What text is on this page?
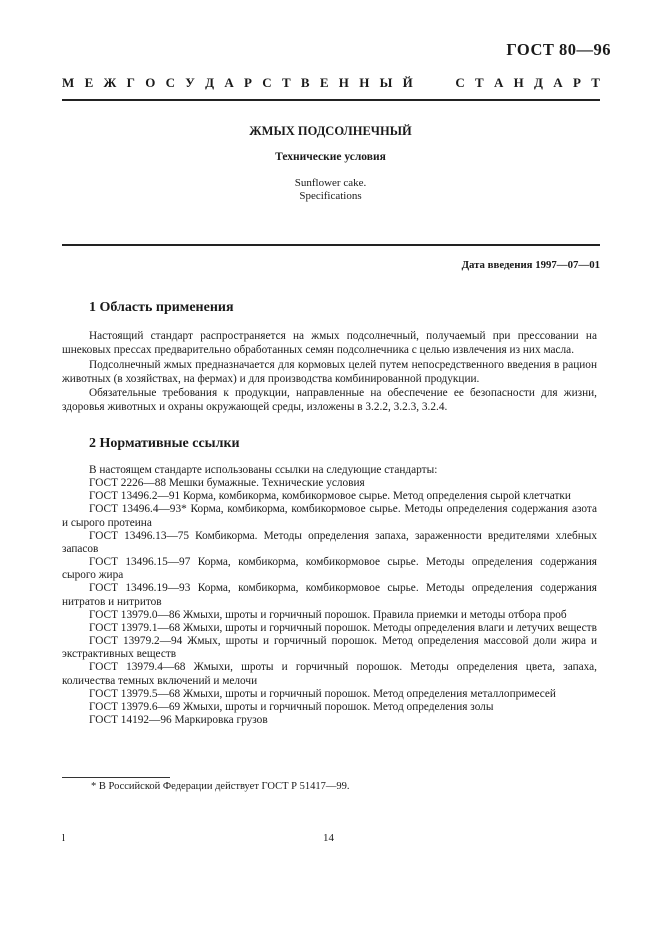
ГОСТ 80—96
М Е Ж Г О С У Д А Р С Т В Е Н Н Ы Й	С Т А Н Д А Р Т
ЖМЫХ ПОДСОЛНЕЧНЫЙ
Технические условия
Sunflower cake.
Specifications
Дата введения 1997—07—01
1 Область применения

Настоящий стандарт распространяется на жмых подсолнечный, получаемый при прессовании на шнековых прессах предварительно обработанных семян подсолнечника с целью извлечения из них масла.

Подсолнечный жмых предназначается для кормовых целей путем непосредственного введения в рацион животных (в хозяйствах, на фермах) и для производства комбинированной продукции.

Обязательные требования к продукции, направленные на обеспечение ее безопасности для жизни, здоровья животных и охраны окружающей среды, изложены в 3.2.2, 3.2.3, 3.2.4.

2 Нормативные ссылки

В настоящем стандарте использованы ссылки на следующие стандарты:

ГОСТ 2226—88 Мешки бумажные. Технические условия

ГОСТ 13496.2—91 Корма, комбикорма, комбикормовое сырье. Метод определения сырой клетчатки

ГОСТ 13496.4—93* Корма, комбикорма, комбикормовое сырье. Методы определения содержания азота и сырого протеина

ГОСТ 13496.13—75 Комбикорма. Методы определения запаха, зараженности вредителями хлебных запасов

ГОСТ 13496.15—97 Корма, комбикорма, комбикормовое сырье. Методы определения содержания сырого жира

ГОСТ 13496.19—93 Корма, комбикорма, комбикормовое сырье. Методы определения содержания нитратов и нитритов

ГОСТ 13979.0—86 Жмыхи, шроты и горчичный порошок. Правила приемки и методы отбора проб

ГОСТ 13979.1—68 Жмыхи, шроты и горчичный порошок. Методы определения влаги и летучих веществ

ГОСТ 13979.2—94 Жмых, шроты и горчичный порошок. Метод определения массовой доли жира и экстрактивных веществ

ГОСТ 13979.4—68 Жмыхи, шроты и горчичный порошок. Методы определения цвета, запаха, количества темных включений и мелочи

ГОСТ 13979.5—68 Жмыхи, шроты и горчичный порошок. Метод определения металлопримесей

ГОСТ 13979.6—69 Жмыхи, шроты и горчичный порошок. Метод определения золы

ГОСТ 14192—96 Маркировка грузов

* В Российской Федерации действует ГОСТ Р 51417—99.
l	14
